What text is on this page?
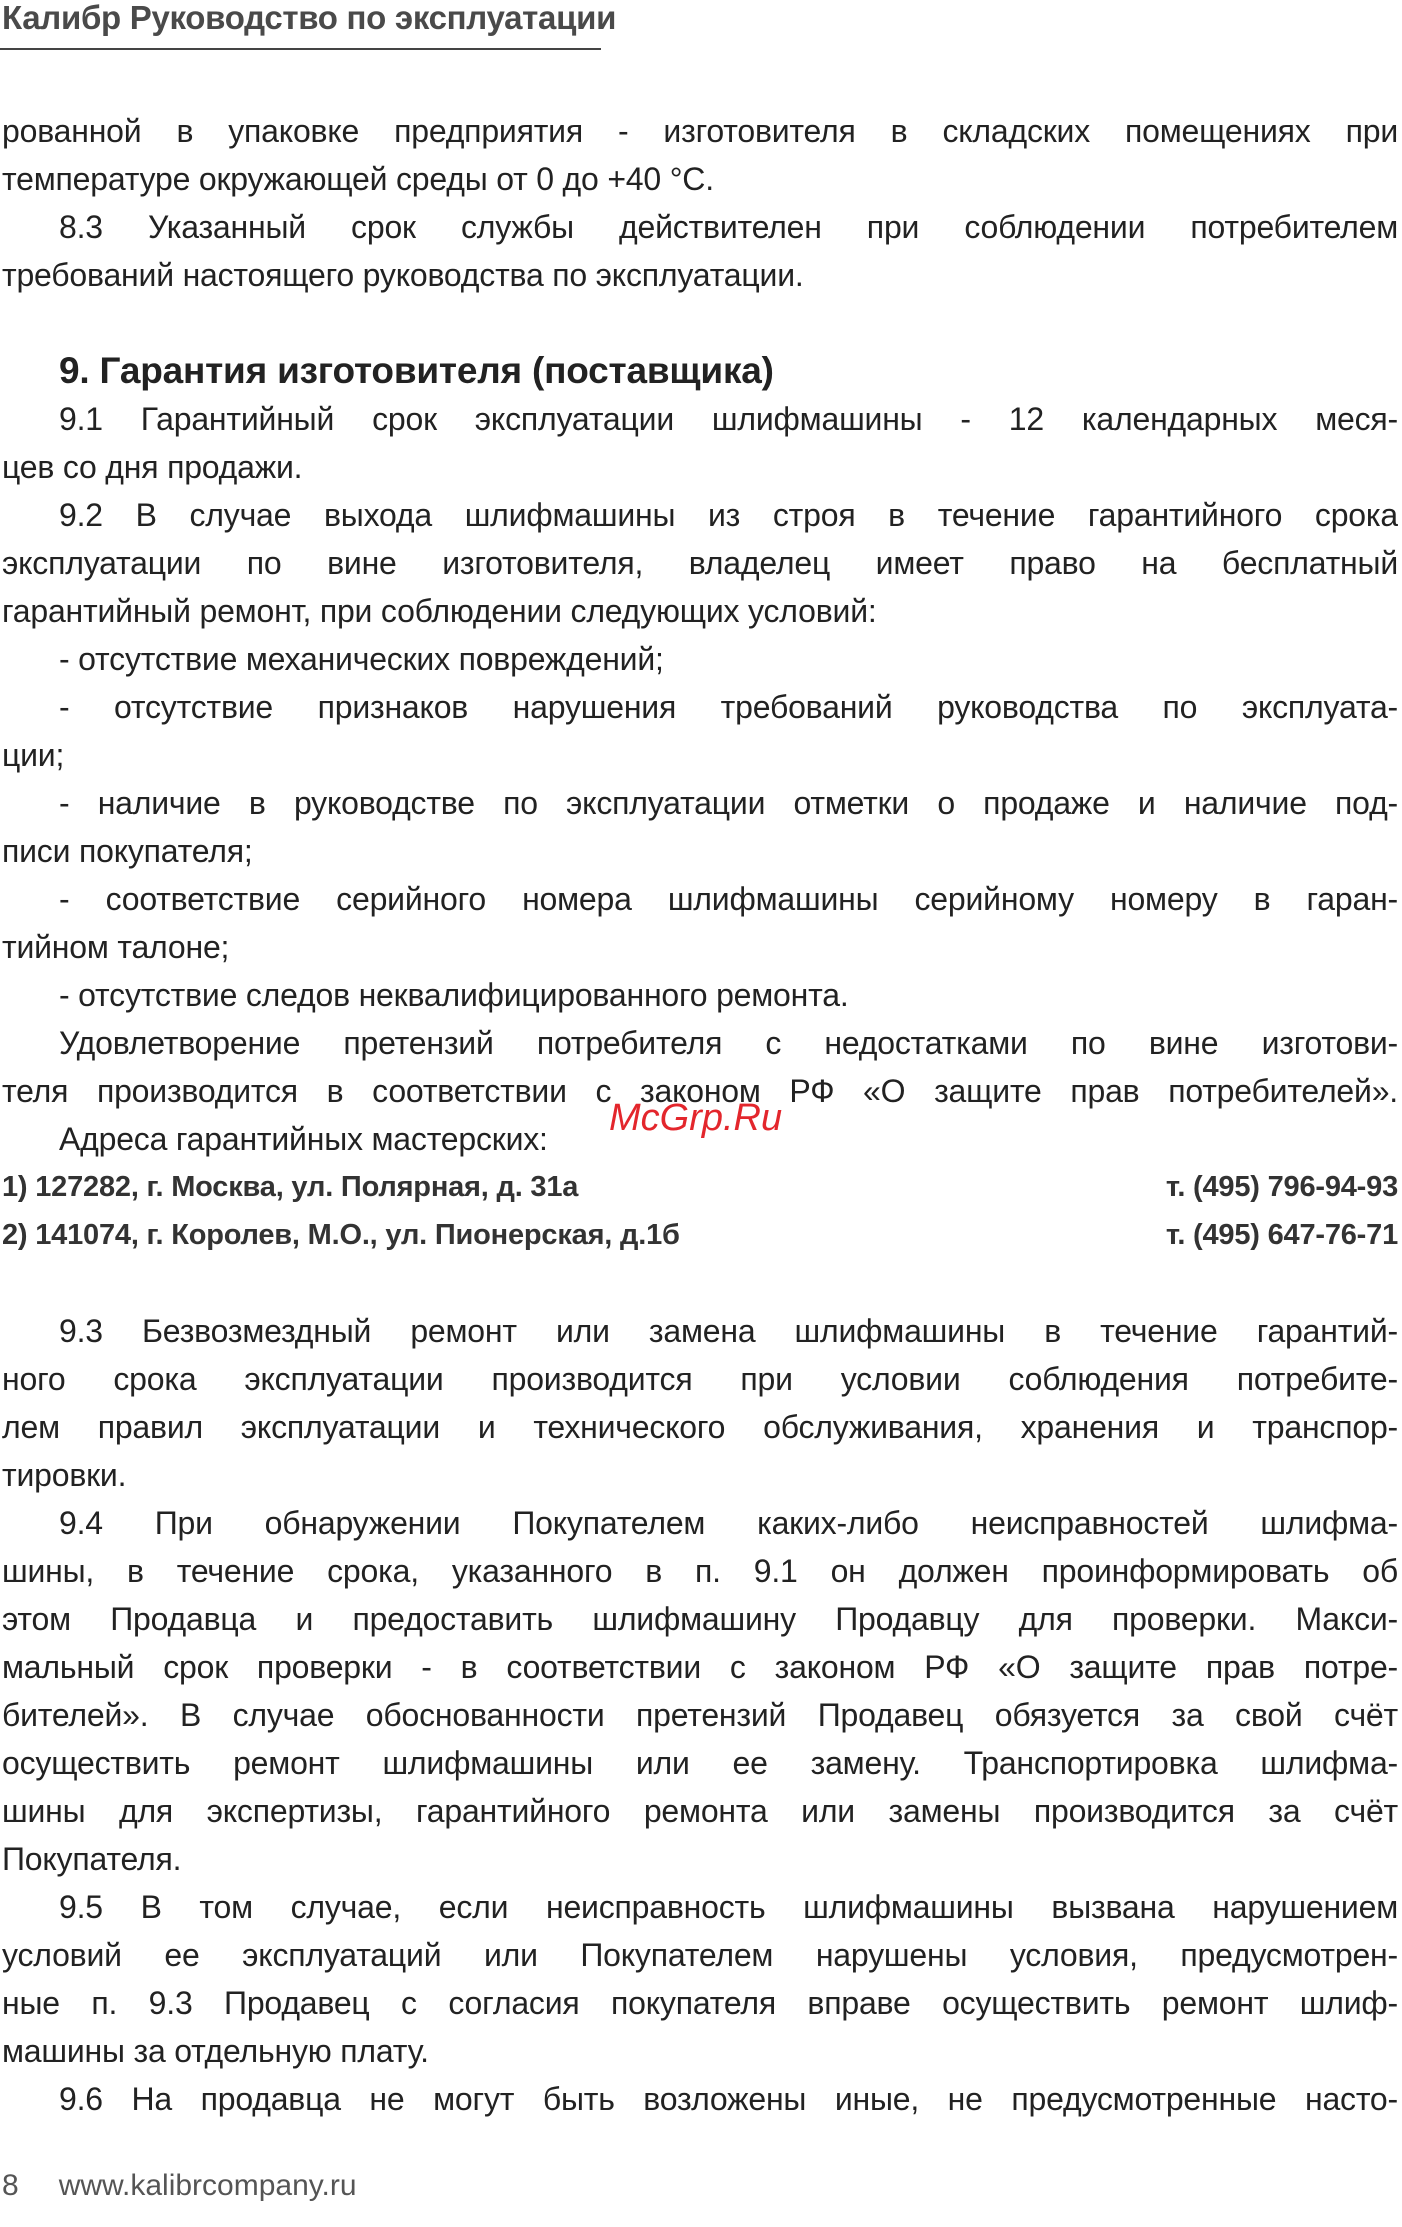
Калибр Руководство по эксплуатации
рованной в упаковке предприятия - изготовителя в складских помещениях при
температуре окружающей среды от 0 до +40 °С.
8.3 Указанный срок службы действителен при соблюдении потребителем
требований настоящего руководства по эксплуатации.
9. Гарантия изготовителя (поставщика)
9.1 Гарантийный срок эксплуатации шлифмашины - 12 календарных меся-
цев со дня продажи.
9.2 В случае выхода шлифмашины из строя в течение гарантийного срока
эксплуатации по вине изготовителя, владелец имеет право на бесплатный
гарантийный ремонт, при соблюдении следующих условий:
- отсутствие механических повреждений;
- отсутствие признаков нарушения требований руководства по эксплуата-
ции;
- наличие в руководстве по эксплуатации отметки о продаже и наличие под-
писи покупателя;
- соответствие серийного номера шлифмашины серийному номеру в гаран-
тийном талоне;
- отсутствие следов неквалифицированного ремонта.
Удовлетворение претензий потребителя с недостатками по вине изготови-
теля производится в соответствии с законом РФ «О защите прав потребителей».
Адреса гарантийных мастерских:
1) 127282, г. Москва, ул. Полярная, д. 31а	т. (495) 796-94-93
2) 141074, г. Королев, М.О., ул. Пионерская, д.1б	т. (495) 647-76-71
9.3 Безвозмездный ремонт или замена шлифмашины в течение гарантий-
ного срока эксплуатации производится при условии соблюдения потребите-
лем правил эксплуатации и технического обслуживания, хранения и транспор-
тировки.
9.4 При обнаружении Покупателем каких-либо неисправностей шлифма-
шины, в течение срока, указанного в п. 9.1 он должен проинформировать об
этом Продавца и предоставить шлифмашину Продавцу для проверки. Макси-
мальный срок проверки - в соответствии с законом РФ «О защите прав потре-
бителей». В случае обоснованности претензий Продавец обязуется за свой счёт
осуществить ремонт шлифмашины или ее замену. Транспортировка шлифма-
шины для экспертизы, гарантийного ремонта или замены производится за счёт
Покупателя.
9.5 В том случае, если неисправность шлифмашины вызвана нарушением
условий ее эксплуатаций или Покупателем нарушены условия, предусмотрен-
ные п. 9.3 Продавец с согласия покупателя вправе осуществить ремонт шлиф-
машины за отдельную плату.
9.6 На продавца не могут быть возложены иные, не предусмотренные насто-
McGrp.Ru
8 www.kalibrcompany.ru
